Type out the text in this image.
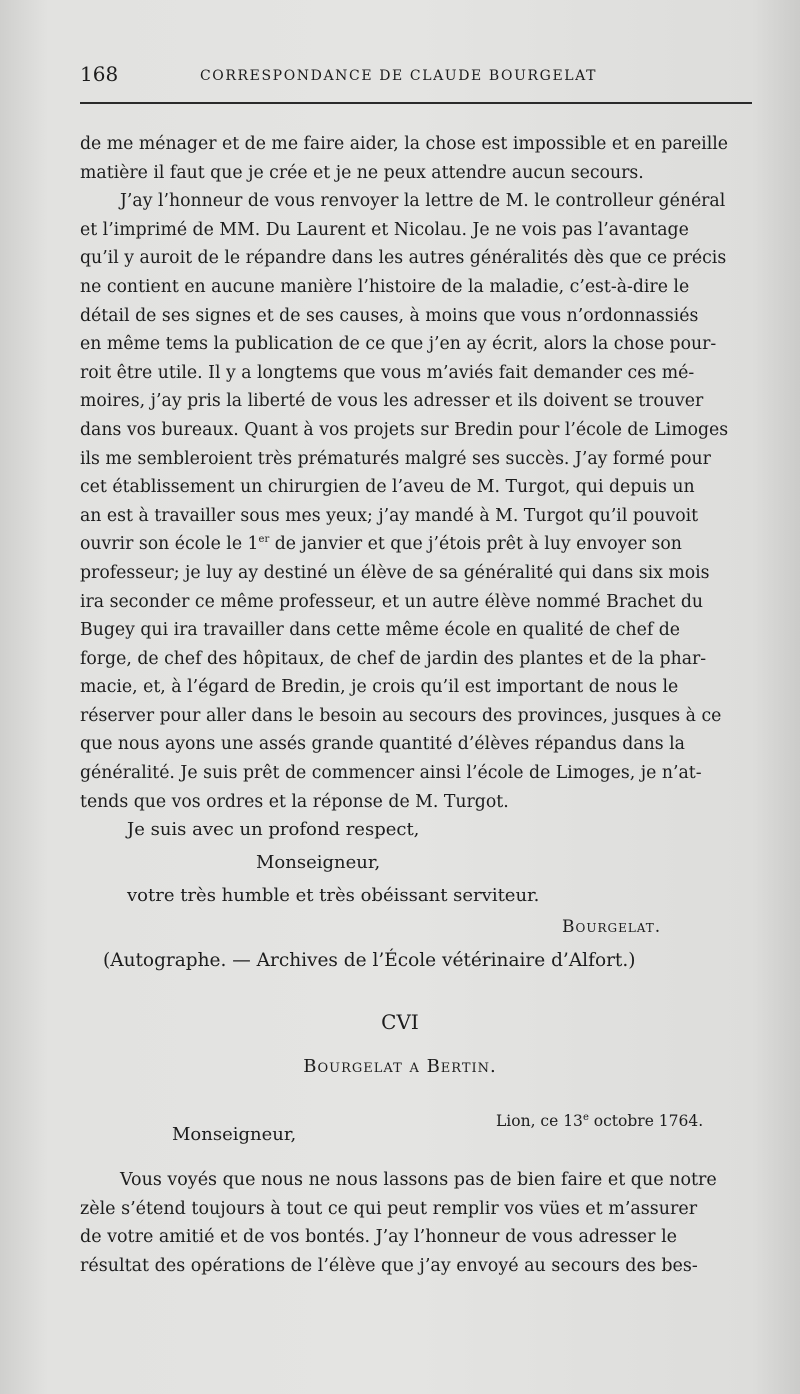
168	CORRESPONDANCE DE CLAUDE BOURGELAT

de me ménager et de me faire aider, la chose est impossible et en pareille

matière il faut que je crée et je ne peux attendre aucun secours.

J’ay l’honneur de vous renvoyer la lettre de M. le controlleur général

et l’imprimé de MM. Du Laurent et Nicolau. Je ne vois pas l’avantage

qu’il y auroit de le répandre dans les autres généralités dès que ce précis

ne contient en aucune manière l’histoire de la maladie, c’est-à-dire le

détail de ses signes et de ses causes, à moins que vous n’ordonnassiés

en même tems la publication de ce que j’en ay écrit, alors la chose pour-

roit être utile. Il y a longtems que vous m’aviés fait demander ces mé-

moires, j’ay pris la liberté de vous les adresser et ils doivent se trouver

dans vos bureaux. Quant à vos projets sur Bredin pour l’école de Limoges

ils me sembleroient très prématurés malgré ses succès. J’ay formé pour

cet établissement un chirurgien de l’aveu de M. Turgot, qui depuis un

an est à travailler sous mes yeux; j’ay mandé à M. Turgot qu’il pouvoit

ouvrir son école le 1er de janvier et que j’étois prêt à luy envoyer son

professeur; je luy ay destiné un élève de sa généralité qui dans six mois

ira seconder ce même professeur, et un autre élève nommé Brachet du

Bugey qui ira travailler dans cette même école en qualité de chef de

forge, de chef des hôpitaux, de chef de jardin des plantes et de la phar-

macie, et, à l’égard de Bredin, je crois qu’il est important de nous le

réserver pour aller dans le besoin au secours des provinces, jusques à ce

que nous ayons une assés grande quantité d’élèves répandus dans la

généralité. Je suis prêt de commencer ainsi l’école de Limoges, je n’at-

tends que vos ordres et la réponse de M. Turgot.

Je suis avec un profond respect,
Monseigneur,
votre très humble et très obéissant serviteur.
Bourgelat.
(Autographe. — Archives de l’École vétérinaire d’Alfort.)
CVI
Bourgelat a Bertin.
Lion, ce 13e octobre 1764.
Monseigneur,

Vous voyés que nous ne nous lassons pas de bien faire et que notre

zèle s’étend toujours à tout ce qui peut remplir vos vües et m’assurer

de votre amitié et de vos bontés. J’ay l’honneur de vous adresser le

résultat des opérations de l’élève que j’ay envoyé au secours des bes-
